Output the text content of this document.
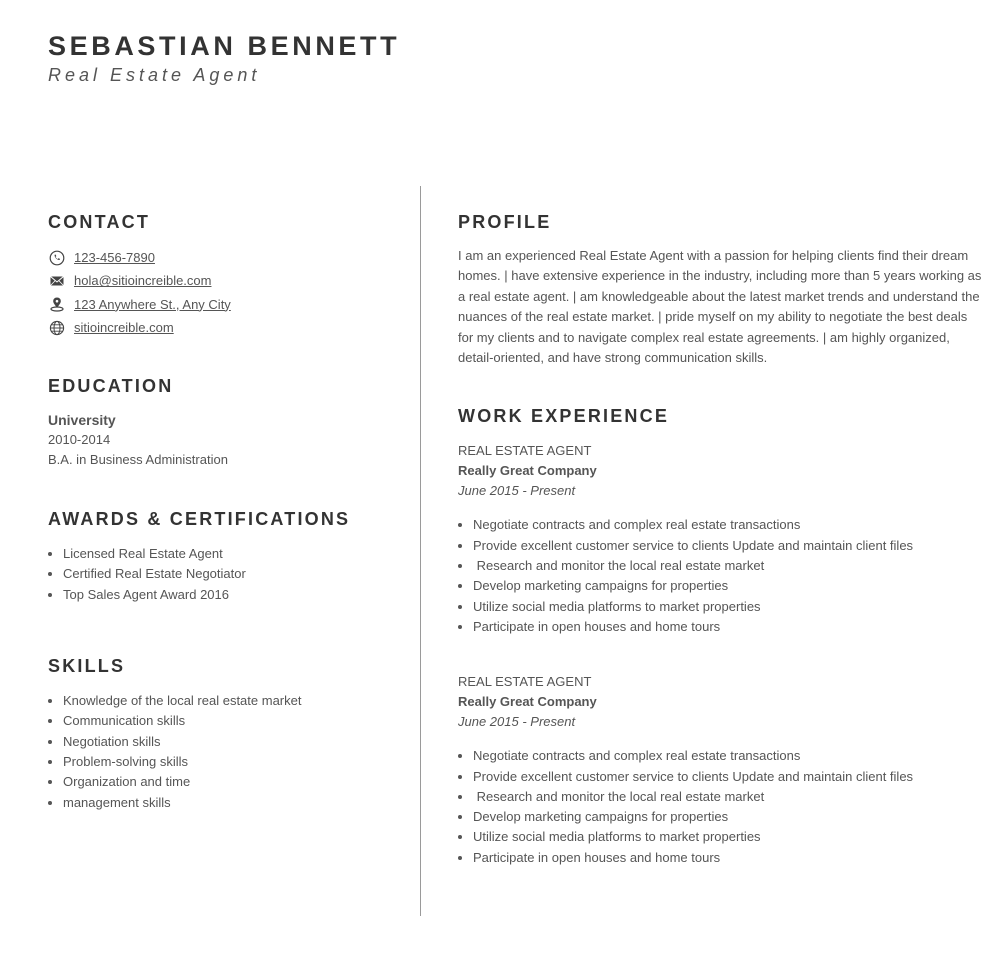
SEBASTIAN BENNETT
Real Estate Agent
CONTACT
123-456-7890
hola@sitioincreible.com
123 Anywhere St., Any City
sitioincreible.com
EDUCATION
University
2010-2014
B.A. in Business Administration
AWARDS & CERTIFICATIONS
• Licensed Real Estate Agent
• Certified Real Estate Negotiator
• Top Sales Agent Award 2016
SKILLS
• Knowledge of the local real estate market
• Communication skills
• Negotiation skills
• Problem-solving skills
• Organization and time
• management skills
PROFILE
I am an experienced Real Estate Agent with a passion for helping clients find their dream homes. | have extensive experience in the industry, including more than 5 years working as a real estate agent. | am knowledgeable about the latest market trends and understand the nuances of the real estate market. | pride myself on my ability to negotiate the best deals for my clients and to navigate complex real estate agreements. | am highly organized, detail-oriented, and have strong communication skills.
WORK EXPERIENCE
REAL ESTATE AGENT
Really Great Company
June 2015 - Present
• Negotiate contracts and complex real estate transactions
• Provide excellent customer service to clients Update and maintain client files
•  Research and monitor the local real estate market
• Develop marketing campaigns for properties
• Utilize social media platforms to market properties
• Participate in open houses and home tours
REAL ESTATE AGENT
Really Great Company
June 2015 - Present
• Negotiate contracts and complex real estate transactions
• Provide excellent customer service to clients Update and maintain client files
•  Research and monitor the local real estate market
• Develop marketing campaigns for properties
• Utilize social media platforms to market properties
• Participate in open houses and home tours
